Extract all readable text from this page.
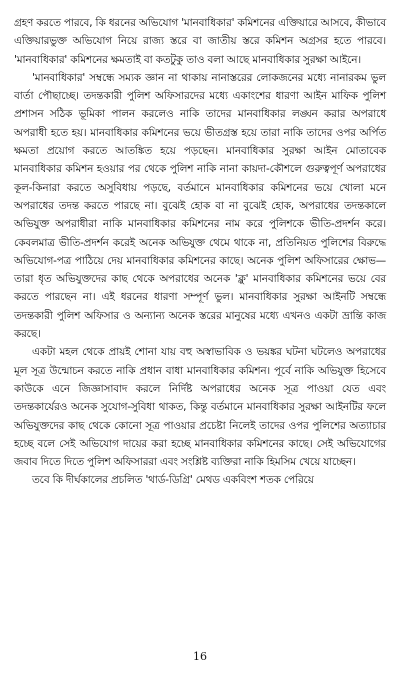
গ্রহণ করতে পারবে, কি ধরনের অভিযোগ 'মানবাধিকার' কমিশনের এক্তিয়ারে আসবে, কীভাবে এক্তিয়ারভুক্ত অভিযোগ নিয়ে রাজ্য স্তরে বা জাতীয় স্তরে কমিশন অগ্রসর হতে পারবে। 'মানবাধিকার' কমিশনের ক্ষমতাই বা কতটুকু তাও বলা আছে মানবাধিকার সুরক্ষা আইনে।

'মানবাধিকার' সম্বন্ধে সম্যক জ্ঞান না থাকায় নানাস্তরের লোকজনের মধ্যে নানারকম ভুল বার্তা পৌছাচ্ছে। তদন্তকারী পুলিশ অফিসারদের মধ্যে একাংশের ধারণা আইন মাফিক পুলিশ প্রশাসন সঠিক ভূমিকা পালন করলেও নাকি তাদের মানবাধিকার লঙ্ঘন করার অপরাধে অপরাধী হতে হয়। মানবাধিকার কমিশনের ভয়ে ভীতগ্রস্ত হয়ে তারা নাকি তাদের ওপর অর্পিত ক্ষমতা প্রয়োগ করতে আতঙ্কিত হয়ে পড়ছেন। মানবাধিকার সুরক্ষা আইন মোতাবেক মানবাধিকার কমিশন হওয়ার পর থেকে পুলিশ নাকি নানা কায়দা-কৌশলে গুরুত্বপূর্ণ অপরাধের কূল-কিনারা করতে অসুবিধায় পড়ছে, বর্তমানে মানবাধিকার কমিশনের ভয়ে খোলা মনে অপরাধের তদন্ত করতে পারছে না। বুঝেই হোক বা না বুঝেই হোক, অপরাধের তদন্তকালে অভিযুক্ত অপরাধীরা নাকি মানবাধিকার কমিশনের নাম করে পুলিশকে ভীতি-প্রদর্শন করে। কেবলমাত্র ভীতি-প্রদর্শন করেই অনেক অভিযুক্ত থেমে থাকে না, প্রতিনিয়ত পুলিশের বিরুদ্ধে অভিযোগ-পত্র পাঠিয়ে দেয় মানবাধিকার কমিশনের কাছে। অনেক পুলিশ অফিসারের ক্ষোভ—তারা ধৃত অভিযুক্তদের কাছ থেকে অপরাধের অনেক 'ক্লু' মানবাধিকার কমিশনের ভয়ে বের করতে পারছেন না। এই ধরনের ধারণা সম্পূর্ণ ভুল। মানবাধিকার সুরক্ষা আইনটি সম্বন্ধে তদন্তকারী পুলিশ অফিসার ও অন্যান্য অনেক স্তরের মানুষের মধ্যে এখনও একটা ভ্রান্তি কাজ করছে।

একটা মহল থেকে প্রায়ই শোনা যায় বহু অস্বাভাবিক ও ভয়ঙ্কর ঘটনা ঘটলেও অপরাধের মূল সূত্র উন্মোচন করতে নাকি প্রধান বাধা মানবাধিকার কমিশন। পূর্বে নাকি অভিযুক্ত হিসেবে কাউকে এনে জিজ্ঞাসাবাদ করলে নির্দিষ্ট অপরাধের অনেক সূত্র পাওয়া যেত এবং তদন্তকার্যেরও অনেক সুযোগ-সুবিধা থাকত, কিন্তু বর্তমানে মানবাধিকার সুরক্ষা আইনটির ফলে অভিযুক্তদের কাছ থেকে কোনো সূত্র পাওয়ার প্রচেষ্টা নিলেই তাদের ওপর পুলিশের অত্যাচার হচ্ছে বলে সেই অভিযোগ দায়ের করা হচ্ছে মানবাধিকার কমিশনের কাছে। সেই অভিযোগের জবাব দিতে দিতে পুলিশ অফিসাররা এবং সংশ্লিষ্ট ব্যক্তিরা নাকি হিমসিম খেয়ে যাচ্ছেন।

তবে কি দীর্ঘকালের প্রচলিত 'থার্ড-ডিগ্রি' মেথড একবিংশ শতক পেরিয়ে

16
